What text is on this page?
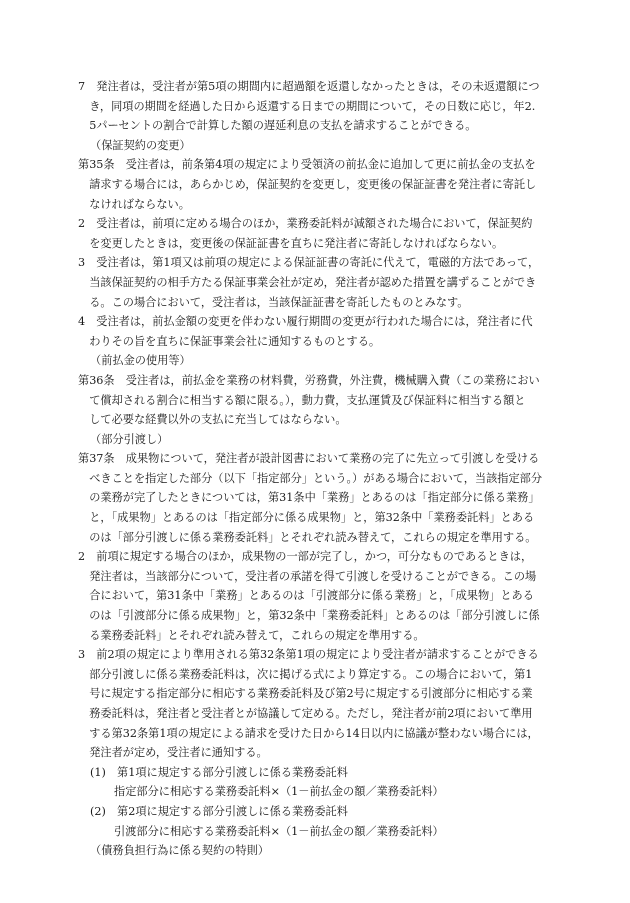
7　発注者は，受注者が第5項の期間内に超過額を返還しなかったときは，その未返還額につ
　き，同項の期間を経過した日から返還する日までの期間について，その日数に応じ，年2.
　5パーセントの割合で計算した額の遅延利息の支払を請求することができる。
（保証契約の変更）
第35条　受注者は，前条第4項の規定により受領済の前払金に追加して更に前払金の支払を
　請求する場合には，あらかじめ，保証契約を変更し，変更後の保証証書を発注者に寄託し
　なければならない。
2　受注者は，前項に定める場合のほか，業務委託料が減額された場合において，保証契約
　を変更したときは，変更後の保証証書を直ちに発注者に寄託しなければならない。
3　受注者は，第1項又は前項の規定による保証証書の寄託に代えて，電磁的方法であって，
　当該保証契約の相手方たる保証事業会社が定め，発注者が認めた措置を講ずることができ
　る。この場合において，受注者は，当該保証証書を寄託したものとみなす。
4　受注者は，前払金額の変更を伴わない履行期間の変更が行われた場合には，発注者に代
　わりその旨を直ちに保証事業会社に通知するものとする。
（前払金の使用等）
第36条　受注者は，前払金を業務の材料費，労務費，外注費，機械購入費（この業務におい
　て償却される割合に相当する額に限る。），動力費，支払運賃及び保証料に相当する額と
　して必要な経費以外の支払に充当してはならない。
（部分引渡し）
第37条　成果物について，発注者が設計図書において業務の完了に先立って引渡しを受ける
　べきことを指定した部分（以下「指定部分」という。）がある場合において，当該指定部分
　の業務が完了したときについては，第31条中「業務」とあるのは「指定部分に係る業務」
　と，「成果物」とあるのは「指定部分に係る成果物」と，第32条中「業務委託料」とある
　のは「部分引渡しに係る業務委託料」とそれぞれ読み替えて，これらの規定を準用する。
2　前項に規定する場合のほか，成果物の一部が完了し，かつ，可分なものであるときは，
　発注者は，当該部分について，受注者の承諾を得て引渡しを受けることができる。この場
　合において，第31条中「業務」とあるのは「引渡部分に係る業務」と，「成果物」とある
　のは「引渡部分に係る成果物」と，第32条中「業務委託料」とあるのは「部分引渡しに係
　る業務委託料」とそれぞれ読み替えて，これらの規定を準用する。
3　前2項の規定により準用される第32条第1項の規定により受注者が請求することができる
　部分引渡しに係る業務委託料は，次に掲げる式により算定する。この場合において，第1
　号に規定する指定部分に相応する業務委託料及び第2号に規定する引渡部分に相応する業
　務委託料は，発注者と受注者とが協議して定める。ただし，発注者が前2項において準用
　する第32条第1項の規定による請求を受けた日から14日以内に協議が整わない場合には，
　発注者が定め，受注者に通知する。
(1)　第1項に規定する部分引渡しに係る業務委託料
指定部分に相応する業務委託料×（1－前払金の額／業務委託料）
(2)　第2項に規定する部分引渡しに係る業務委託料
引渡部分に相応する業務委託料×（1－前払金の額／業務委託料）
（債務負担行為に係る契約の特則）
